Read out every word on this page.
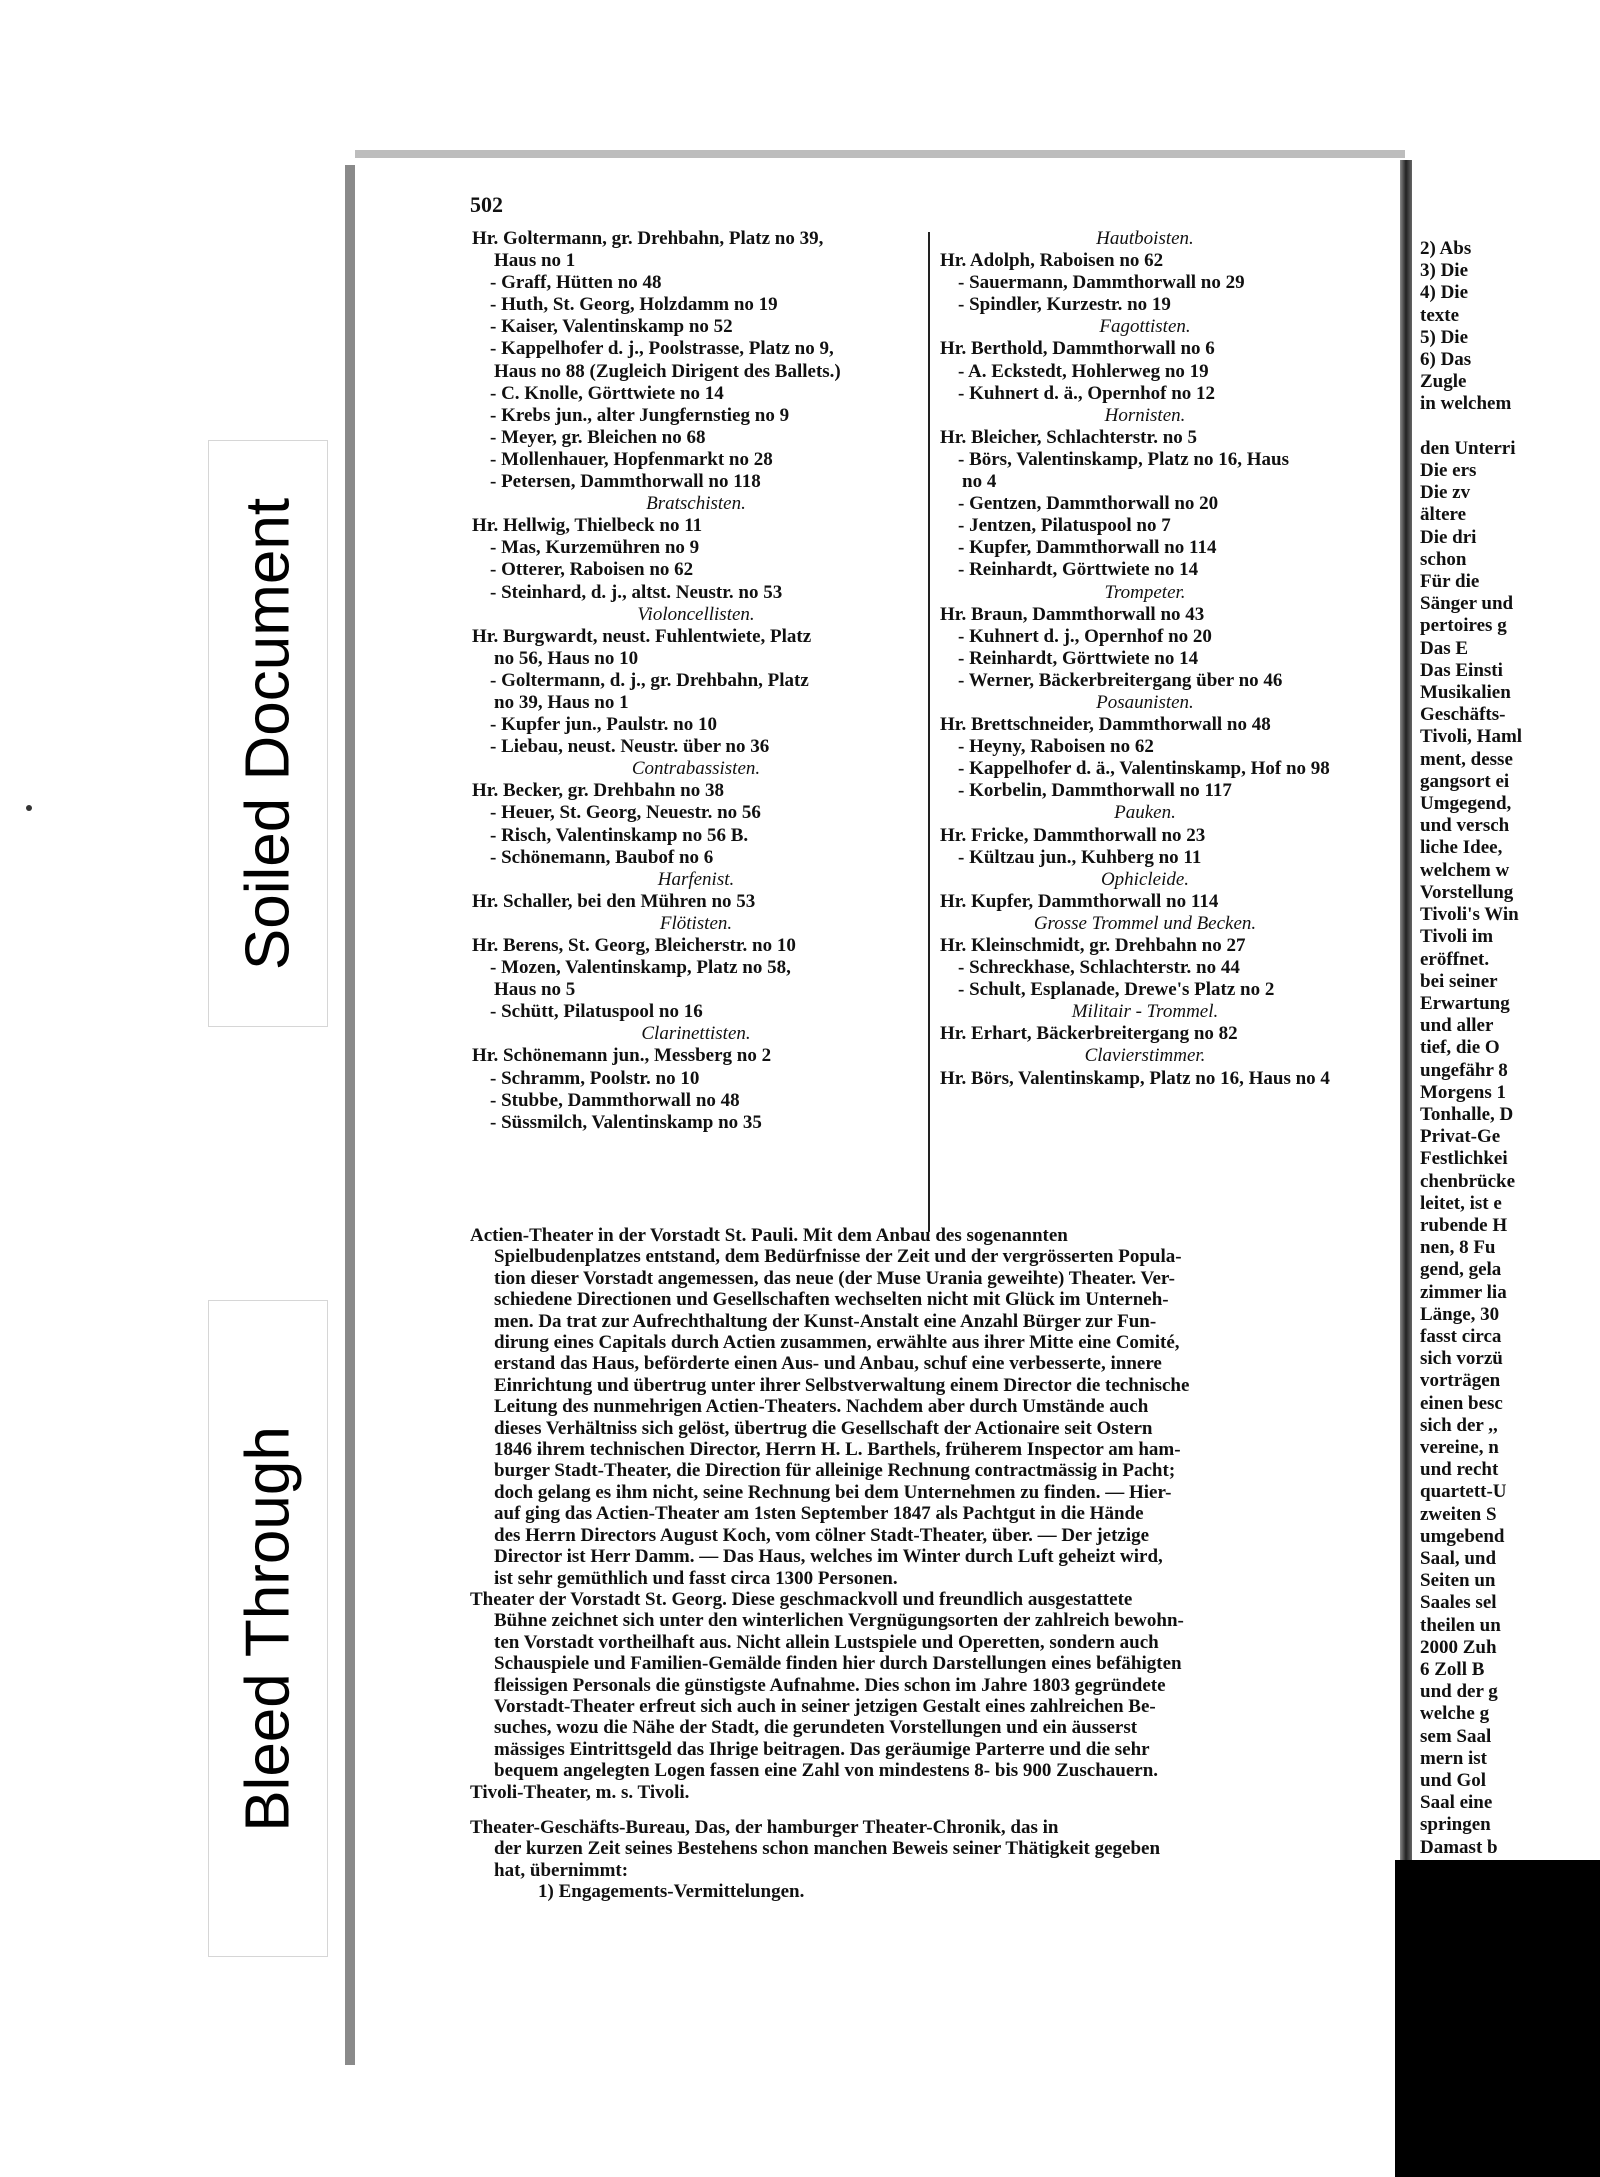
Soiled Document
Bleed Through
502
Hr. Goltermann, gr. Drehbahn, Platz no 39,
Haus no 1
- Graff, Hütten no 48
- Huth, St. Georg, Holzdamm no 19
- Kaiser, Valentinskamp no 52
- Kappelhofer d. j., Poolstrasse, Platz no 9,
Haus no 88 (Zugleich Dirigent des Ballets.)
- C. Knolle, Görttwiete no 14
- Krebs jun., alter Jungfernstieg no 9
- Meyer, gr. Bleichen no 68
- Mollenhauer, Hopfenmarkt no 28
- Petersen, Dammthorwall no 118
Bratschisten.
Hr. Hellwig, Thielbeck no 11
- Mas, Kurzemühren no 9
- Otterer, Raboisen no 62
- Steinhard, d. j., altst. Neustr. no 53
Violoncellisten.
Hr. Burgwardt, neust. Fuhlentwiete, Platz
no 56, Haus no 10
- Goltermann, d. j., gr. Drehbahn, Platz
no 39, Haus no 1
- Kupfer jun., Paulstr. no 10
- Liebau, neust. Neustr. über no 36
Contrabassisten.
Hr. Becker, gr. Drehbahn no 38
- Heuer, St. Georg, Neuestr. no 56
- Risch, Valentinskamp no 56 B.
- Schönemann, Baubof no 6
Harfenist.
Hr. Schaller, bei den Mühren no 53
Flötisten.
Hr. Berens, St. Georg, Bleicherstr. no 10
- Mozen, Valentinskamp, Platz no 58,
Haus no 5
- Schütt, Pilatuspool no 16
Clarinettisten.
Hr. Schönemann jun., Messberg no 2
- Schramm, Poolstr. no 10
- Stubbe, Dammthorwall no 48
- Süssmilch, Valentinskamp no 35
Hautboisten.
Hr. Adolph, Raboisen no 62
- Sauermann, Dammthorwall no 29
- Spindler, Kurzestr. no 19
Fagottisten.
Hr. Berthold, Dammthorwall no 6
- A. Eckstedt, Hohlerweg no 19
- Kuhnert d. ä., Opernhof no 12
Hornisten.
Hr. Bleicher, Schlachterstr. no 5
- Börs, Valentinskamp, Platz no 16, Haus
no 4
- Gentzen, Dammthorwall no 20
- Jentzen, Pilatuspool no 7
- Kupfer, Dammthorwall no 114
- Reinhardt, Görttwiete no 14
Trompeter.
Hr. Braun, Dammthorwall no 43
- Kuhnert d. j., Opernhof no 20
- Reinhardt, Görttwiete no 14
- Werner, Bäckerbreitergang über no 46
Posaunisten.
Hr. Brettschneider, Dammthorwall no 48
- Heyny, Raboisen no 62
- Kappelhofer d. ä., Valentinskamp, Hof no 98
- Korbelin, Dammthorwall no 117
Pauken.
Hr. Fricke, Dammthorwall no 23
- Kültzau jun., Kuhberg no 11
Ophicleide.
Hr. Kupfer, Dammthorwall no 114
Grosse Trommel und Becken.
Hr. Kleinschmidt, gr. Drehbahn no 27
- Schreckhase, Schlachterstr. no 44
- Schult, Esplanade, Drewe's Platz no 2
Militair - Trommel.
Hr. Erhart, Bäckerbreitergang no 82
Clavierstimmer.
Hr. Börs, Valentinskamp, Platz no 16, Haus no 4
Actien-Theater in der Vorstadt St. Pauli. Mit dem Anbau des sogenannten
Spielbudenplatzes entstand, dem Bedürfnisse der Zeit und der vergrösserten Popula-
tion dieser Vorstadt angemessen, das neue (der Muse Urania geweihte) Theater. Ver-
schiedene Directionen und Gesellschaften wechselten nicht mit Glück im Unterneh-
men. Da trat zur Aufrechthaltung der Kunst-Anstalt eine Anzahl Bürger zur Fun-
dirung eines Capitals durch Actien zusammen, erwählte aus ihrer Mitte eine Comité,
erstand das Haus, beförderte einen Aus- und Anbau, schuf eine verbesserte, innere
Einrichtung und übertrug unter ihrer Selbstverwaltung einem Director die technische
Leitung des nunmehrigen Actien-Theaters. Nachdem aber durch Umstände auch
dieses Verhältniss sich gelöst, übertrug die Gesellschaft der Actionaire seit Ostern
1846 ihrem technischen Director, Herrn H. L. Barthels, früherem Inspector am ham-
burger Stadt-Theater, die Direction für alleinige Rechnung contractmässig in Pacht;
doch gelang es ihm nicht, seine Rechnung bei dem Unternehmen zu finden. — Hier-
auf ging das Actien-Theater am 1sten September 1847 als Pachtgut in die Hände
des Herrn Directors August Koch, vom cölner Stadt-Theater, über. — Der jetzige
Director ist Herr Damm. — Das Haus, welches im Winter durch Luft geheizt wird,
ist sehr gemüthlich und fasst circa 1300 Personen.
Theater der Vorstadt St. Georg. Diese geschmackvoll und freundlich ausgestattete
Bühne zeichnet sich unter den winterlichen Vergnügungsorten der zahlreich bewohn-
ten Vorstadt vortheilhaft aus. Nicht allein Lustspiele und Operetten, sondern auch
Schauspiele und Familien-Gemälde finden hier durch Darstellungen eines befähigten
fleissigen Personals die günstigste Aufnahme. Dies schon im Jahre 1803 gegründete
Vorstadt-Theater erfreut sich auch in seiner jetzigen Gestalt eines zahlreichen Be-
suches, wozu die Nähe der Stadt, die gerundeten Vorstellungen und ein äusserst
mässiges Eintrittsgeld das Ihrige beitragen. Das geräumige Parterre und die sehr
bequem angelegten Logen fassen eine Zahl von mindestens 8- bis 900 Zuschauern.
Tivoli-Theater, m. s. Tivoli.
Theater-Geschäfts-Bureau, Das, der hamburger Theater-Chronik, das in
der kurzen Zeit seines Bestehens schon manchen Beweis seiner Thätigkeit gegeben
hat, übernimmt:
1) Engagements-Vermittelungen.
2) Abs
3) Die
4) Die
texte
5) Die
6) Das
Zugle
in welchem

den Unterri
Die ers
Die zv
ältere
Die dri
schon
Für die
Sänger und
pertoires g
Das E
Das Einsti
Musikalien
Geschäfts-
Tivoli, Haml
ment, desse
gangsort ei
Umgegend,
und versch
liche Idee,
welchem w
Vorstellung
Tivoli's Win
Tivoli im
eröffnet.
bei seiner
Erwartung
und aller
tief, die O
ungefähr 8
Morgens 1
Tonhalle, D
Privat-Ge
Festlichkei
chenbrücke
leitet, ist e
rubende H
nen, 8 Fu
gend, gela
zimmer lia
Länge, 30
fasst circa
sich vorzü
vorträgen
einen besc
sich der ,,
vereine, n
und recht
quartett-U
zweiten S
umgebend
Saal, und
Seiten un
Saales sel
theilen un
2000 Zuh
6 Zoll B
und der g
welche g
sem Saal
mern ist
und Gol
Saal eine
springen
Damast b
